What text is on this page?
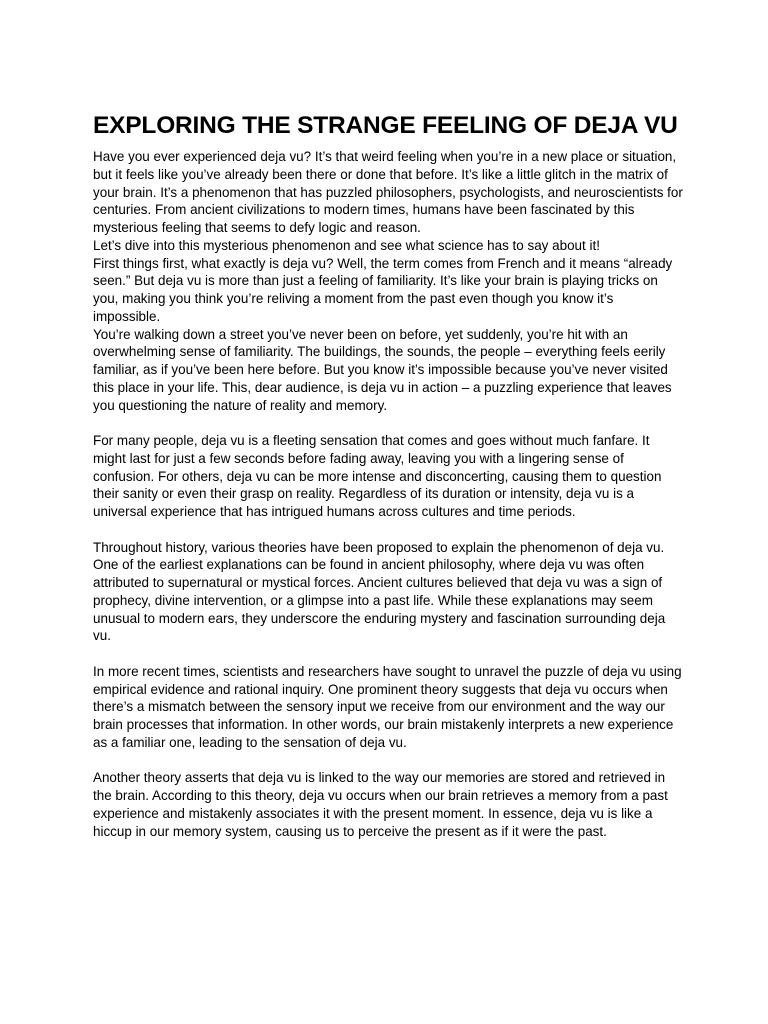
EXPLORING THE STRANGE FEELING OF DEJA VU

Have you ever experienced deja vu? It’s that weird feeling when you’re in a new place or situation, but it feels like you’ve already been there or done that before. It’s like a little glitch in the matrix of your brain. It’s a phenomenon that has puzzled philosophers, psychologists, and neuroscientists for centuries. From ancient civilizations to modern times, humans have been fascinated by this mysterious feeling that seems to defy logic and reason.

Let’s dive into this mysterious phenomenon and see what science has to say about it!

First things first, what exactly is deja vu? Well, the term comes from French and it means “already seen.” But deja vu is more than just a feeling of familiarity. It’s like your brain is playing tricks on you, making you think you’re reliving a moment from the past even though you know it’s impossible.

You’re walking down a street you’ve never been on before, yet suddenly, you’re hit with an overwhelming sense of familiarity. The buildings, the sounds, the people – everything feels eerily familiar, as if you’ve been here before. But you know it’s impossible because you’ve never visited this place in your life. This, dear audience, is deja vu in action – a puzzling experience that leaves you questioning the nature of reality and memory.

For many people, deja vu is a fleeting sensation that comes and goes without much fanfare. It might last for just a few seconds before fading away, leaving you with a lingering sense of confusion. For others, deja vu can be more intense and disconcerting, causing them to question their sanity or even their grasp on reality. Regardless of its duration or intensity, deja vu is a universal experience that has intrigued humans across cultures and time periods.

Throughout history, various theories have been proposed to explain the phenomenon of deja vu. One of the earliest explanations can be found in ancient philosophy, where deja vu was often attributed to supernatural or mystical forces. Ancient cultures believed that deja vu was a sign of prophecy, divine intervention, or a glimpse into a past life. While these explanations may seem unusual to modern ears, they underscore the enduring mystery and fascination surrounding deja vu.

In more recent times, scientists and researchers have sought to unravel the puzzle of deja vu using empirical evidence and rational inquiry. One prominent theory suggests that deja vu occurs when there’s a mismatch between the sensory input we receive from our environment and the way our brain processes that information. In other words, our brain mistakenly interprets a new experience as a familiar one, leading to the sensation of deja vu.

Another theory asserts that deja vu is linked to the way our memories are stored and retrieved in the brain. According to this theory, deja vu occurs when our brain retrieves a memory from a past experience and mistakenly associates it with the present moment. In essence, deja vu is like a hiccup in our memory system, causing us to perceive the present as if it were the past.
